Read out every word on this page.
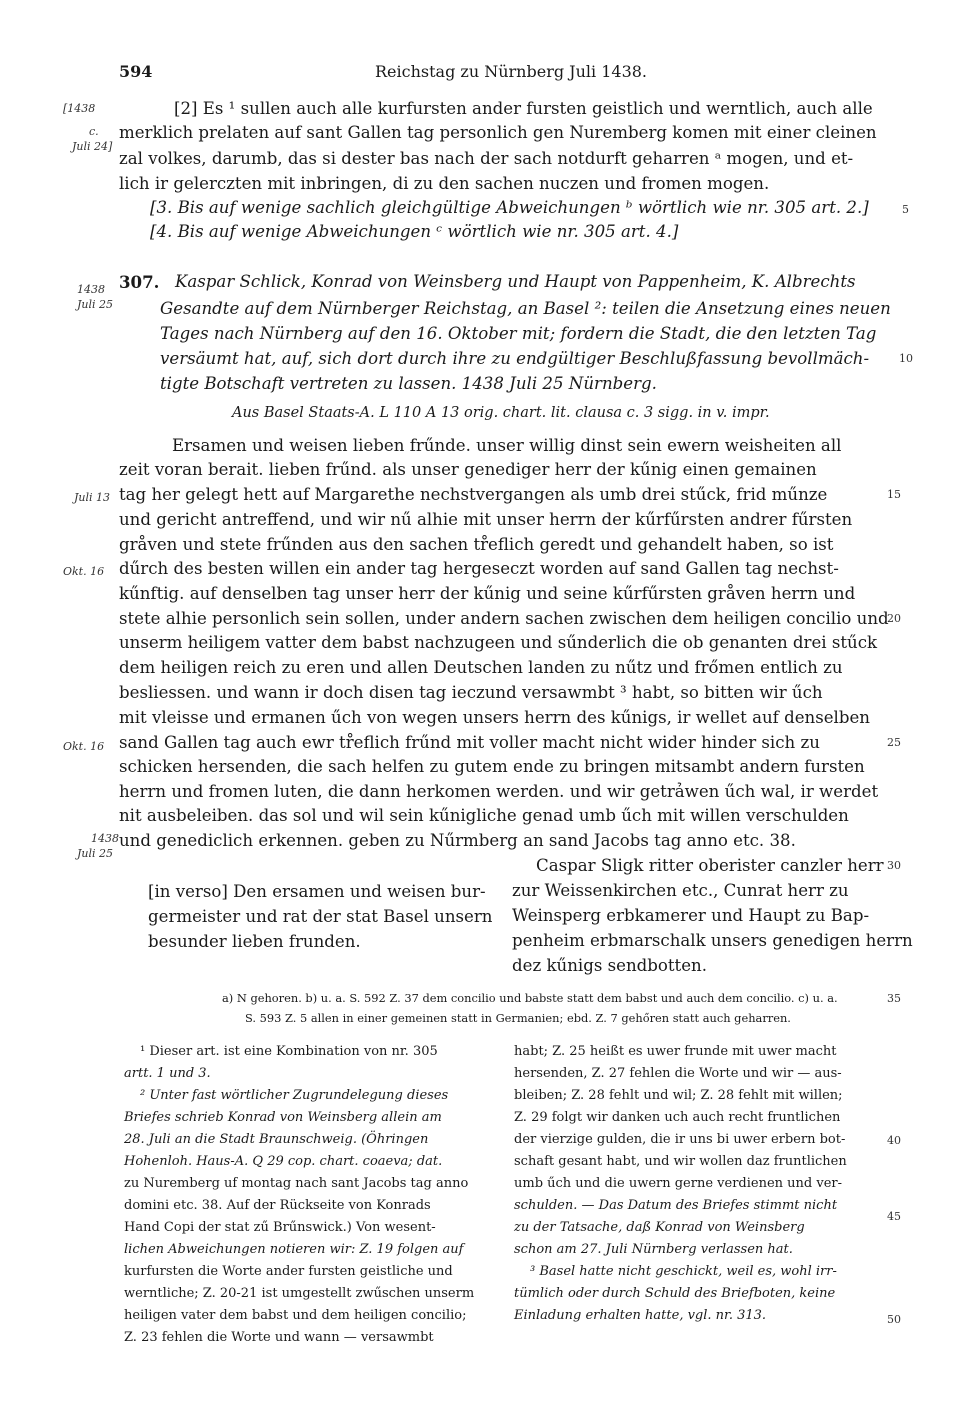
594	Reichstag zu Nürnberg Juli 1438.
[1438
c.
Juli 24]
[2] Es ¹ sullen auch alle kurfursten ander fursten geistlich und werntlich, auch alle
merklich prelaten auf sant Gallen tag personlich gen Nuremberg komen mit einer cleinen
zal volkes, darumb, das si dester bas nach der sach notdurft geharren ᵃ mogen, und et-
lich ir gelerczten mit inbringen, di zu den sachen nuczen und fromen mogen.
[3. Bis auf wenige sachlich gleichgültige Abweichungen ᵇ wörtlich wie nr. 305 art. 2.]
[4. Bis auf wenige Abweichungen ᶜ wörtlich wie nr. 305 art. 4.]
5
10
15
20
25
30
35
40
45
50
1438
Juli 25
307. Kaspar Schlick, Konrad von Weinsberg und Haupt von Pappenheim, K. Albrechts
Gesandte auf dem Nürnberger Reichstag, an Basel ²: teilen die Ansetzung eines neuen
Tages nach Nürnberg auf den 16. Oktober mit; fordern die Stadt, die den letzten Tag
versäumt hat, auf, sich dort durch ihre zu endgültiger Beschlußfassung bevollmäch-
tigte Botschaft vertreten zu lassen. 1438 Juli 25 Nürnberg.
Aus Basel Staats-A. L 110 A 13 orig. chart. lit. clausa c. 3 sigg. in v. impr.
Ersamen und weisen lieben frűnde. unser willig dinst sein ewern weisheiten all
zeit voran berait. lieben frűnd. als unser genediger herr der kűnig einen gemainen
tag her gelegt hett auf Margarethe nechstvergangen als umb drei stűck, frid műnze
und gericht antreffend, und wir nű alhie mit unser herrn der kűrfűrsten andrer fűrsten
gråven und stete frűnden aus den sachen tr̊eflich geredt und gehandelt haben, so ist
dűrch des besten willen ein ander tag hergeseczt worden auf sand Gallen tag nechst-
kűnftig. auf denselben tag unser herr der kűnig und seine kűrfűrsten gråven herrn und
stete alhie personlich sein sollen, under andern sachen zwischen dem heiligen concilio und
unserm heiligem vatter dem babst nachzugeen und sűnderlich die ob genanten drei stűck
dem heiligen reich zu eren und allen Deutschen landen zu nűtz und frőmen entlich zu
besliessen. und wann ir doch disen tag ieczund versawmbt ³ habt, so bitten wir űch
mit vleisse und ermanen űch von wegen unsers herrn des kűnigs, ir wellet auf denselben
sand Gallen tag auch ewr tr̊eflich frűnd mit voller macht nicht wider hinder sich zu
schicken hersenden, die sach helfen zu gutem ende zu bringen mitsambt andern fursten
herrn und fromen luten, die dann herkomen werden. und wir getrảwen űch wal, ir werdet
nit ausbeleiben. das sol und wil sein kűnigliche genad umb űch mit willen verschulden
und genediclich erkennen. geben zu Nűrmberg an sand Jacobs tag anno etc. 38.
Juli 13
Okt. 16
Okt. 16
1438
Juli 25
Caspar Sligk ritter oberister canzler herr
zur Weissenkirchen etc., Cunrat herr zu
Weinsperg erbkamerer und Haupt zu Bap-
penheim erbmarschalk unsers genedigen herrn
dez kűnigs sendbotten.
[in verso] Den ersamen und weisen bur-
germeister und rat der stat Basel unsern
besunder lieben frunden.
a) N gehoren. b) u. a. S. 592 Z. 37 dem concilio und babste statt dem babst und auch dem concilio. c) u. a.
S. 593 Z. 5 allen in einer gemeinen statt in Germanien; ebd. Z. 7 gehőren statt auch geharren.
¹ Dieser art. ist eine Kombination von nr. 305
artt. 1 und 3.
² Unter fast wörtlicher Zugrundelegung dieses
Briefes schrieb Konrad von Weinsberg allein am
28. Juli an die Stadt Braunschweig. (Öhringen
Hohenloh. Haus-A. Q 29 cop. chart. coaeva; dat.
zu Nuremberg uf montag nach sant Jacobs tag anno
domini etc. 38. Auf der Rückseite von Konrads
Hand Copi der stat zű Brűnswick.) Von wesent-
lichen Abweichungen notieren wir: Z. 19 folgen auf
kurfursten die Worte ander fursten geistliche und
werntliche; Z. 20-21 ist umgestellt zwűschen unserm
heiligen vater dem babst und dem heiligen concilio;
Z. 23 fehlen die Worte und wann — versawmbt
habt; Z. 25 heißt es uwer frunde mit uwer macht
hersenden, Z. 27 fehlen die Worte und wir — aus-
bleiben; Z. 28 fehlt und wil; Z. 28 fehlt mit willen;
Z. 29 folgt wir danken uch auch recht fruntlichen
der vierzige gulden, die ir uns bi uwer erbern bot-
schaft gesant habt, und wir wollen daz fruntlichen
umb űch und die uwern gerne verdienen und ver-
schulden. — Das Datum des Briefes stimmt nicht
zu der Tatsache, daß Konrad von Weinsberg
schon am 27. Juli Nürnberg verlassen hat.
³ Basel hatte nicht geschickt, weil es, wohl irr-
tümlich oder durch Schuld des Briefboten, keine
Einladung erhalten hatte, vgl. nr. 313.
